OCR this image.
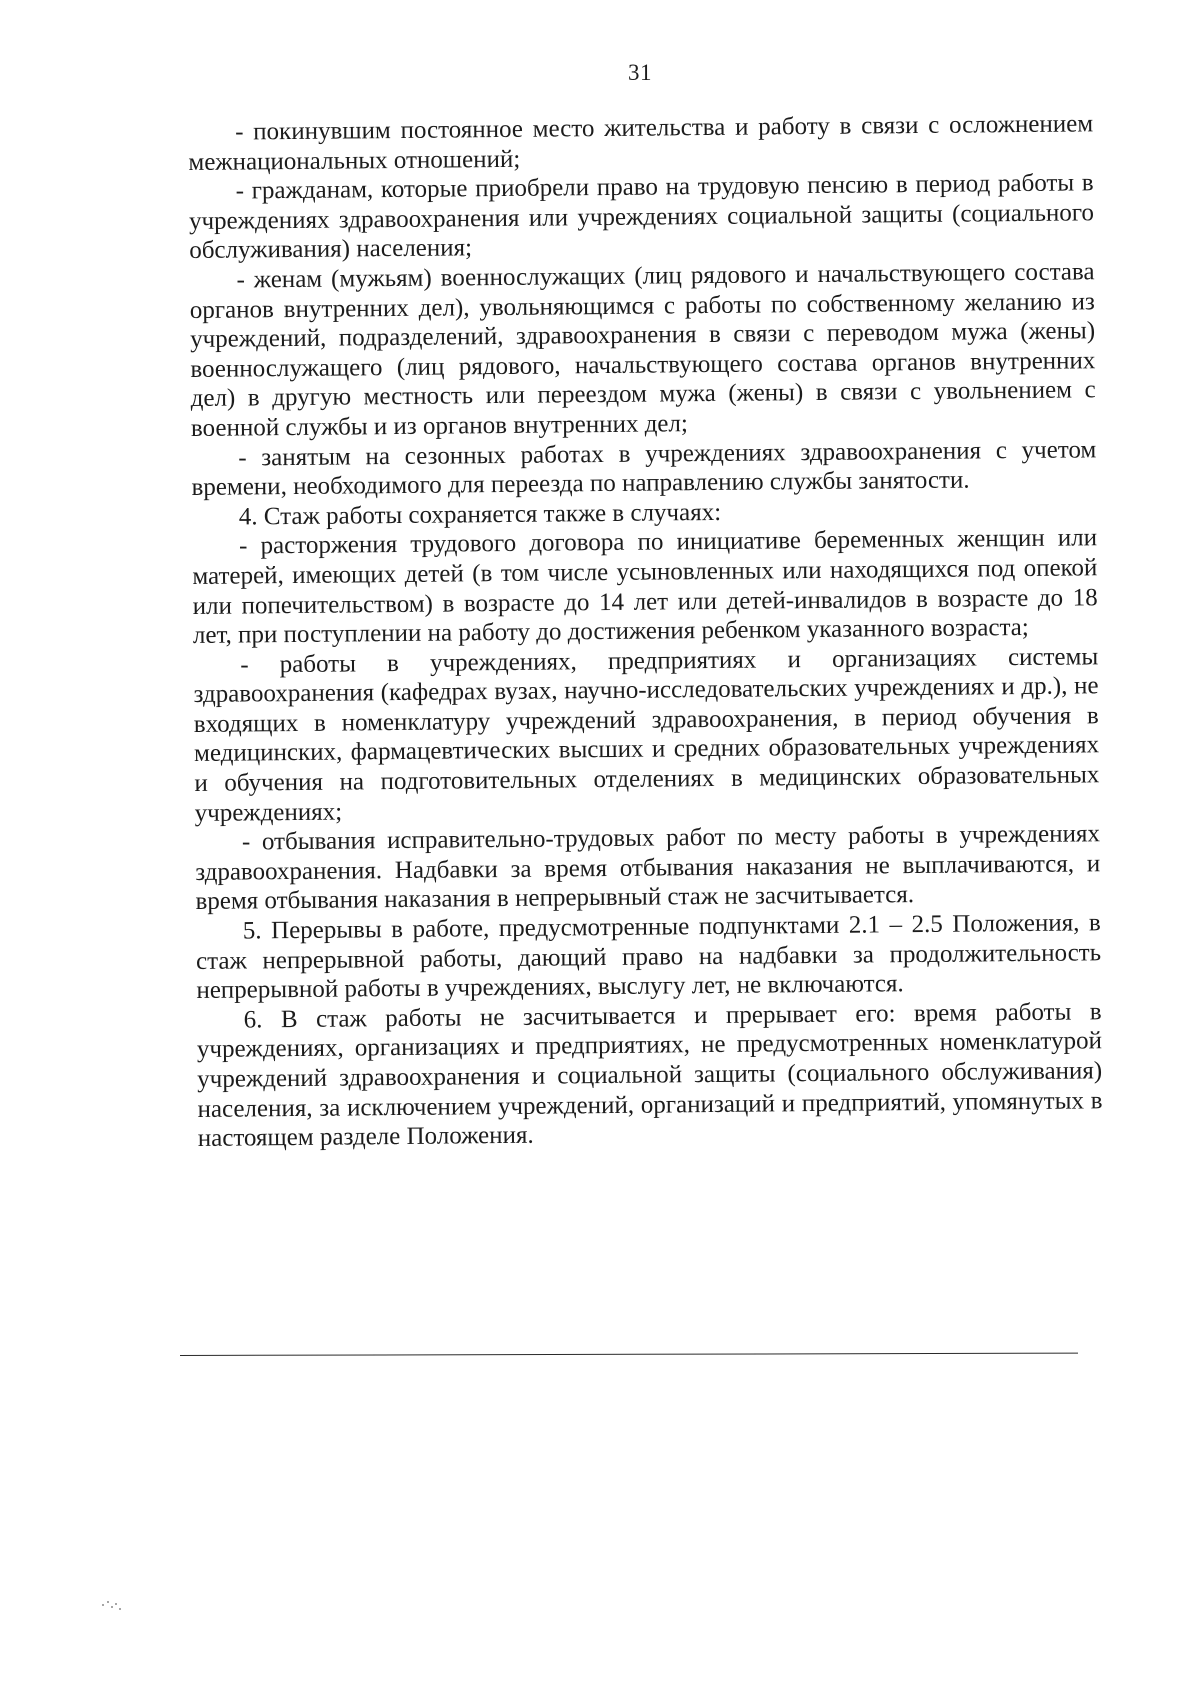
31

- покинувшим постоянное место жительства и работу в связи с осложнением межнациональных отношений;

- гражданам, которые приобрели право на трудовую пенсию в период работы в учреждениях здравоохранения или учреждениях социальной защиты (социального обслуживания) населения;

- женам (мужьям) военнослужащих (лиц рядового и начальствующего состава органов внутренних дел), увольняющимся с работы по собственному желанию из учреждений, подразделений, здравоохранения в связи с переводом мужа (жены) военнослужащего (лиц рядового, начальствующего состава органов внутренних дел) в другую местность или переездом мужа (жены) в связи с увольнением с военной службы и из органов внутренних дел;

- занятым на сезонных работах в учреждениях здравоохранения с учетом времени, необходимого для переезда по направлению службы занятости.

4. Стаж работы сохраняется также в случаях:

- расторжения трудового договора по инициативе беременных женщин или матерей, имеющих детей (в том числе усыновленных или находящихся под опекой или попечительством) в возрасте до 14 лет или детей-инвалидов в возрасте до 18 лет, при поступлении на работу до достижения ребенком указанного возраста;

- работы в учреждениях, предприятиях и организациях системы здравоохранения (кафедрах вузах, научно-исследовательских учреждениях и др.), не входящих в номенклатуру учреждений здравоохранения, в период обучения в медицинских, фармацевтических высших и средних образовательных учреждениях и обучения на подготовительных отделениях в медицинских образовательных учреждениях;

- отбывания исправительно-трудовых работ по месту работы в учреждениях здравоохранения. Надбавки за время отбывания наказания не выплачиваются, и время отбывания наказания в непрерывный стаж не засчитывается.

5. Перерывы в работе, предусмотренные подпунктами 2.1 – 2.5 Положения, в стаж непрерывной работы, дающий право на надбавки за продолжительность непрерывной работы в учреждениях, выслугу лет, не включаются.

6. В стаж работы не засчитывается и прерывает его: время работы в учреждениях, организациях и предприятиях, не предусмотренных номенклатурой учреждений здравоохранения и социальной защиты (социального обслуживания) населения, за исключением учреждений, организаций и предприятий, упомянутых в настоящем разделе Положения.
